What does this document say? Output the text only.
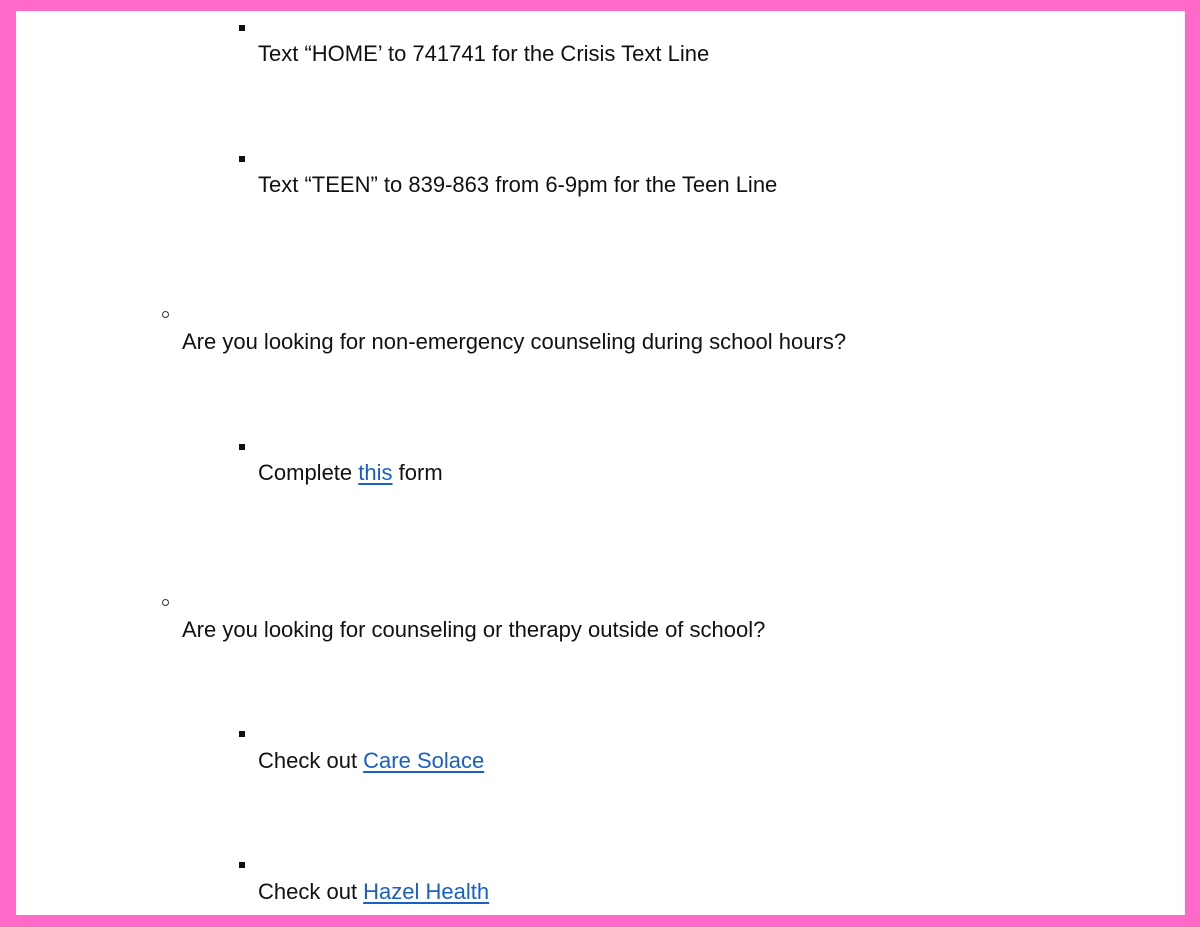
Text “HOME’ to 741741 for the Crisis Text Line
Text “TEEN” to 839-863 from 6-9pm for the Teen Line
Are you looking for non-emergency counseling during school hours?
Complete this form
Are you looking for counseling or therapy outside of school?
Check out Care Solace
Check out Hazel Health
